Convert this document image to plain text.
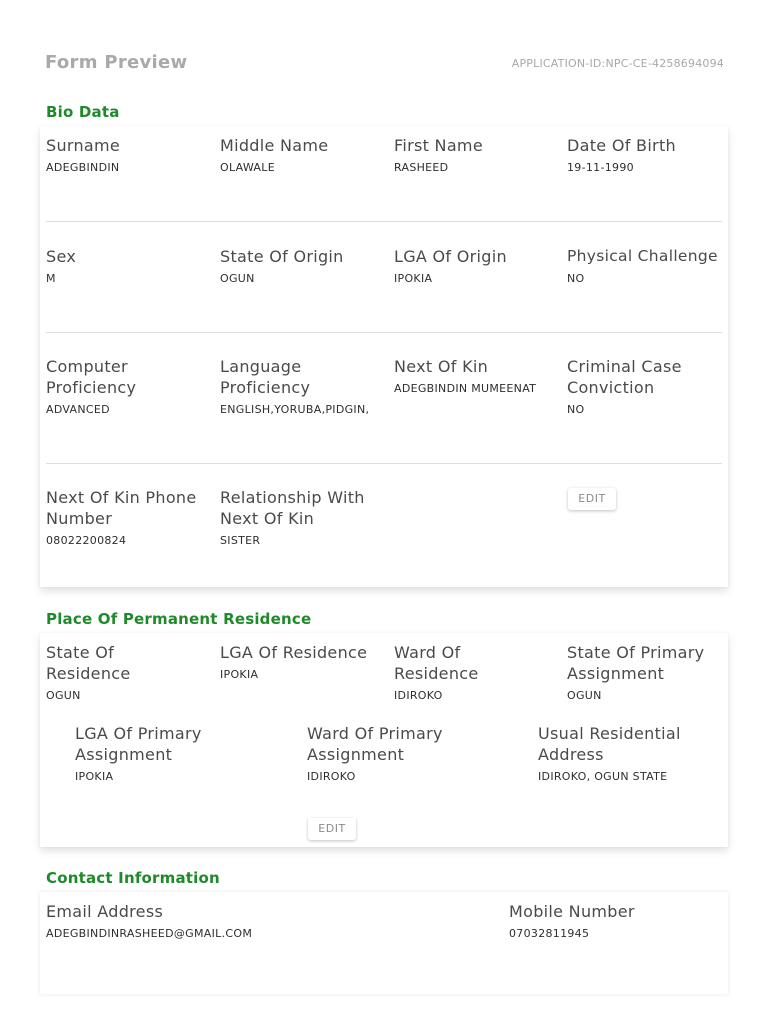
Form Preview	APPLICATION-ID:NPC-CE-4258694094
Bio Data
Surname
ADEGBINDIN
Middle Name
OLAWALE
First Name
RASHEED
Date Of Birth
19-11-1990
Sex
M
State Of Origin
OGUN
LGA Of Origin
IPOKIA
Physical Challenge
NO
Computer Proficiency
ADVANCED
Language Proficiency
ENGLISH,YORUBA,PIDGIN,
Next Of Kin
ADEGBINDIN MUMEENAT
Criminal Case Conviction
NO
Next Of Kin Phone Number
08022200824
Relationship With Next Of Kin
SISTER
EDIT
Place Of Permanent Residence
State Of Residence
OGUN
LGA Of Residence
IPOKIA
Ward Of Residence
IDIROKO
State Of Primary Assignment
OGUN
LGA Of Primary Assignment
IPOKIA
Ward Of Primary Assignment
IDIROKO
Usual Residential Address
IDIROKO, OGUN STATE
EDIT
Contact Information
Email Address
ADEGBINDINRASHEED@GMAIL.COM
Mobile Number
07032811945
